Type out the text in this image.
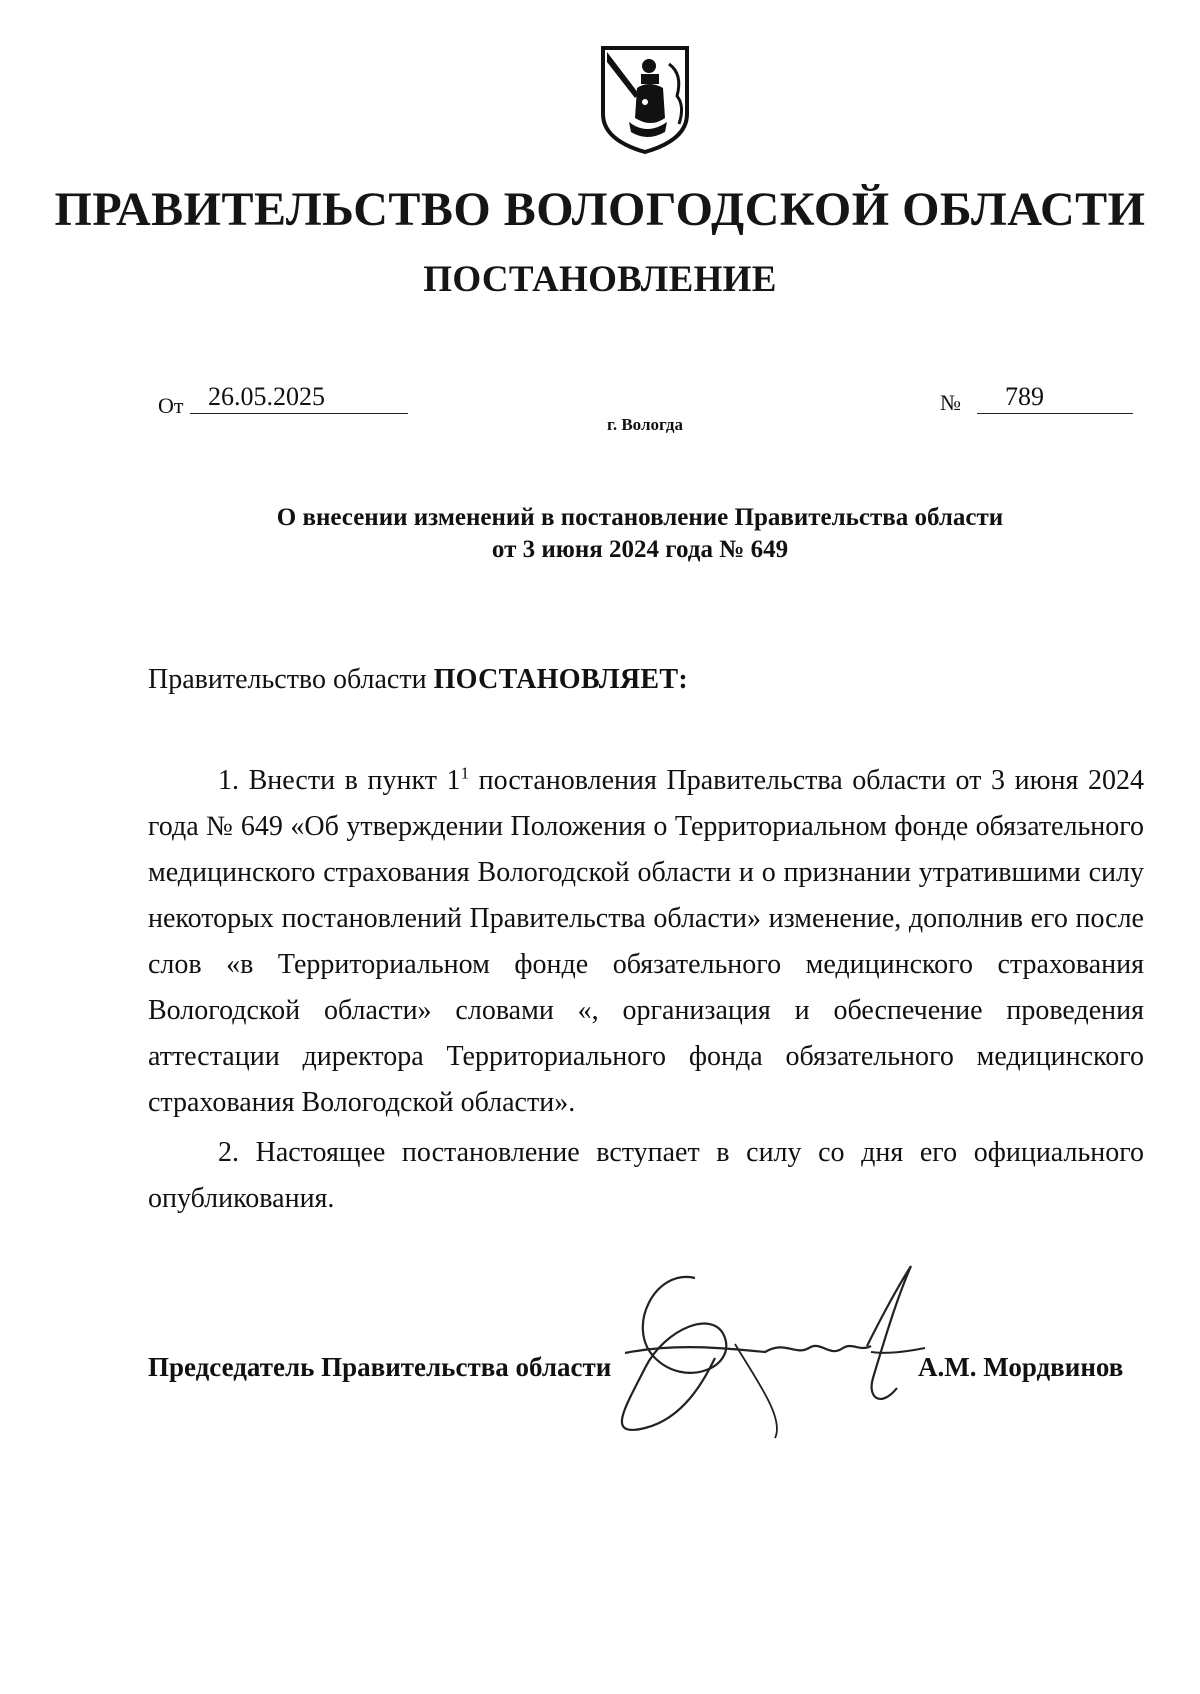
ПРАВИТЕЛЬСТВО ВОЛОГОДСКОЙ ОБЛАСТИ
ПОСТАНОВЛЕНИЕ
От 26.05.2025	№	789
г. Вологда
О внесении изменений в постановление Правительства области
от 3 июня 2024 года № 649
Правительство области ПОСТАНОВЛЯЕТ:

1. Внести в пункт $1^1$ постановления Правительства области от 3 июня 2024 года № 649 «Об утверждении Положения о Территориальном фонде обязательного медицинского страхования Вологодской области и о признании утратившими силу некоторых постановлений Правительства области» изменение, дополнив его после слов «в Территориальном фонде обязательного медицинского страхования Вологодской области» словами «, организация и обеспечение проведения аттестации директора Территориального фонда обязательного медицинского страхования Вологодской области».

2. Настоящее постановление вступает в силу со дня его официального опубликования.

Председатель Правительства области	А.М. Мордвинов
